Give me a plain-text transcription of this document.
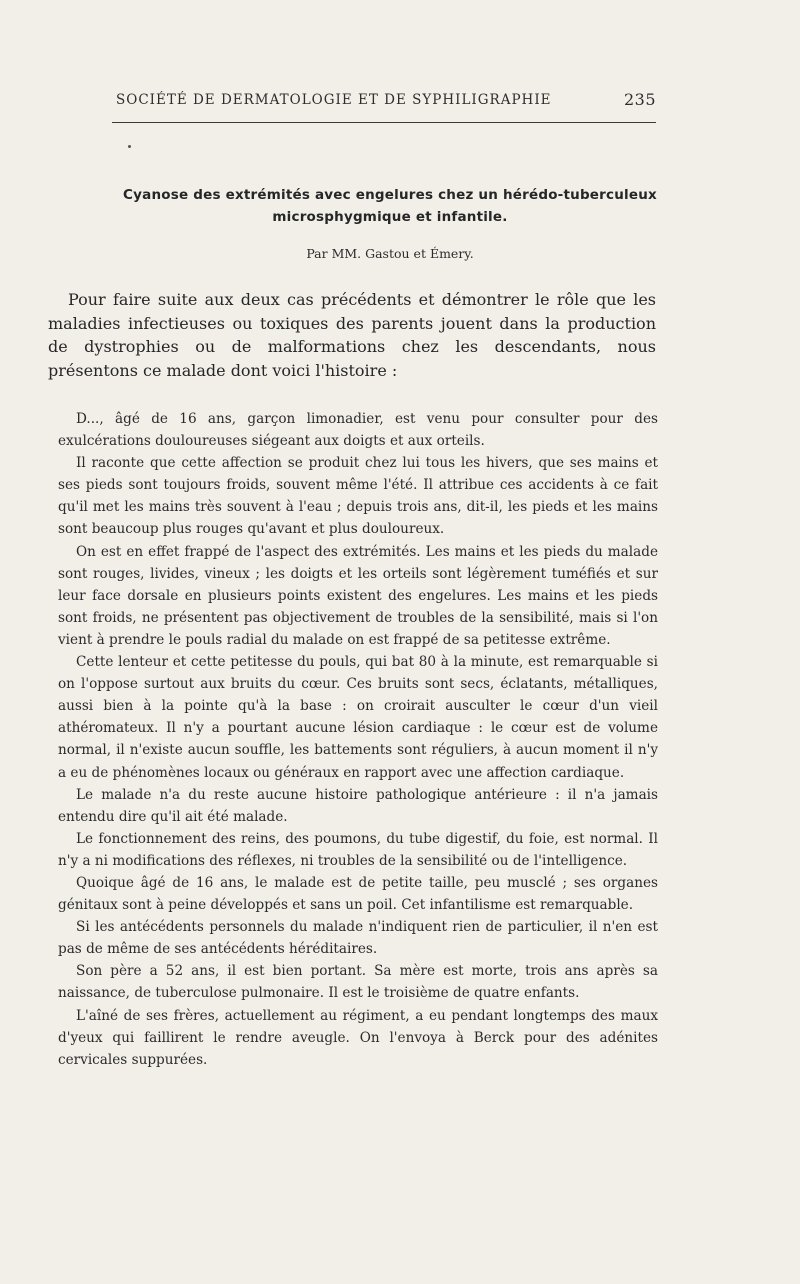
SOCIÉTÉ DE DERMATOLOGIE ET DE SYPHILIGRAPHIE	235
Cyanose des extrémités avec engelures chez un hérédo-tuberculeux microsphygmique et infantile.
Par MM. Gastou et Émery.

Pour faire suite aux deux cas précédents et démontrer le rôle que les maladies infectieuses ou toxiques des parents jouent dans la production de dystrophies ou de malformations chez les descendants, nous présentons ce malade dont voici l'histoire :

D..., âgé de 16 ans, garçon limonadier, est venu pour consulter pour des exulcérations douloureuses siégeant aux doigts et aux orteils.

Il raconte que cette affection se produit chez lui tous les hivers, que ses mains et ses pieds sont toujours froids, souvent même l'été. Il attribue ces accidents à ce fait qu'il met les mains très souvent à l'eau ; depuis trois ans, dit-il, les pieds et les mains sont beaucoup plus rouges qu'avant et plus douloureux.

On est en effet frappé de l'aspect des extrémités. Les mains et les pieds du malade sont rouges, livides, vineux ; les doigts et les orteils sont légèrement tuméfiés et sur leur face dorsale en plusieurs points existent des engelures. Les mains et les pieds sont froids, ne présentent pas objectivement de troubles de la sensibilité, mais si l'on vient à prendre le pouls radial du malade on est frappé de sa petitesse extrême.

Cette lenteur et cette petitesse du pouls, qui bat 80 à la minute, est remarquable si on l'oppose surtout aux bruits du cœur. Ces bruits sont secs, éclatants, métalliques, aussi bien à la pointe qu'à la base : on croirait ausculter le cœur d'un vieil athéromateux. Il n'y a pourtant aucune lésion cardiaque : le cœur est de volume normal, il n'existe aucun souffle, les battements sont réguliers, à aucun moment il n'y a eu de phénomènes locaux ou généraux en rapport avec une affection cardiaque.

Le malade n'a du reste aucune histoire pathologique antérieure : il n'a jamais entendu dire qu'il ait été malade.

Le fonctionnement des reins, des poumons, du tube digestif, du foie, est normal. Il n'y a ni modifications des réflexes, ni troubles de la sensibilité ou de l'intelligence.

Quoique âgé de 16 ans, le malade est de petite taille, peu musclé ; ses organes génitaux sont à peine développés et sans un poil. Cet infantilisme est remarquable.

Si les antécédents personnels du malade n'indiquent rien de particulier, il n'en est pas de même de ses antécédents héréditaires.

Son père a 52 ans, il est bien portant. Sa mère est morte, trois ans après sa naissance, de tuberculose pulmonaire. Il est le troisième de quatre enfants.

L'aîné de ses frères, actuellement au régiment, a eu pendant longtemps des maux d'yeux qui faillirent le rendre aveugle. On l'envoya à Berck pour des adénites cervicales suppurées.
